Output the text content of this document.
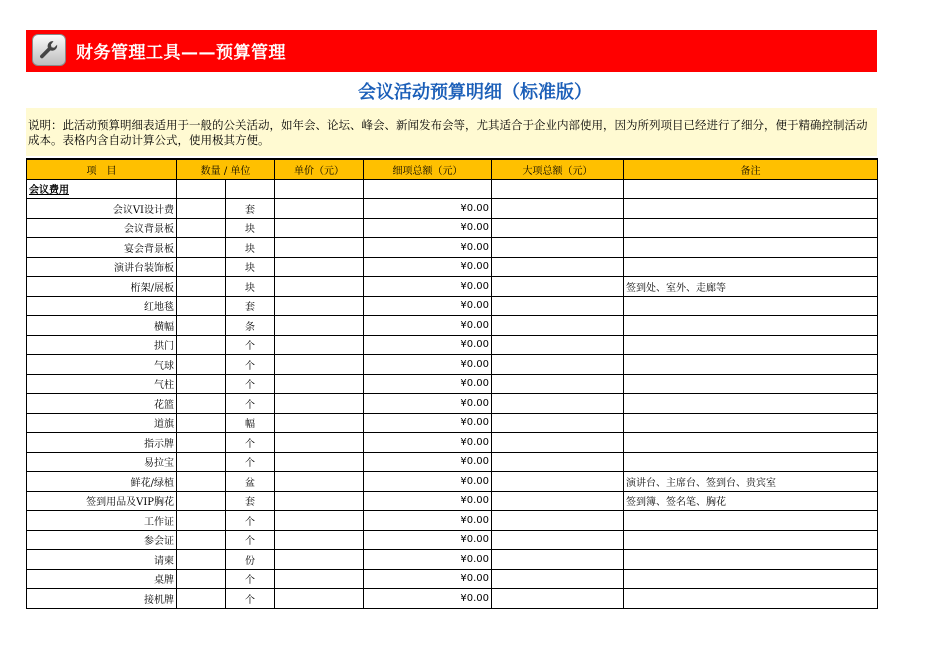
财务管理工具——预算管理
会议活动预算明细（标准版）
说明：此活动预算明细表适用于一般的公关活动，如年会、论坛、峰会、新闻发布会等，尤其适合于企业内部使用，因为所列项目已经进行了细分，便于精确控制活动成本。表格内含自动计算公式，使用极其方便。
项　目	数量 / 单位		单价（元）	细项总额（元）	大项总额（元）	备注
会议费用						
会议VI设计费		套		¥0.00		
会议背景板		块		¥0.00		
宴会背景板		块		¥0.00		
演讲台装饰板		块		¥0.00		
桁架/展板		块		¥0.00		签到处、室外、走廊等
红地毯		套		¥0.00		
横幅		条		¥0.00		
拱门		个		¥0.00		
气球		个		¥0.00		
气柱		个		¥0.00		
花篮		个		¥0.00		
道旗		幅		¥0.00		
指示牌		个		¥0.00		
易拉宝		个		¥0.00		
鲜花/绿植		盆		¥0.00		演讲台、主席台、签到台、贵宾室
签到用品及VIP胸花		套		¥0.00		签到簿、签名笔、胸花
工作证		个		¥0.00		
参会证		个		¥0.00		
请柬		份		¥0.00		
桌牌		个		¥0.00		
接机牌		个		¥0.00		
